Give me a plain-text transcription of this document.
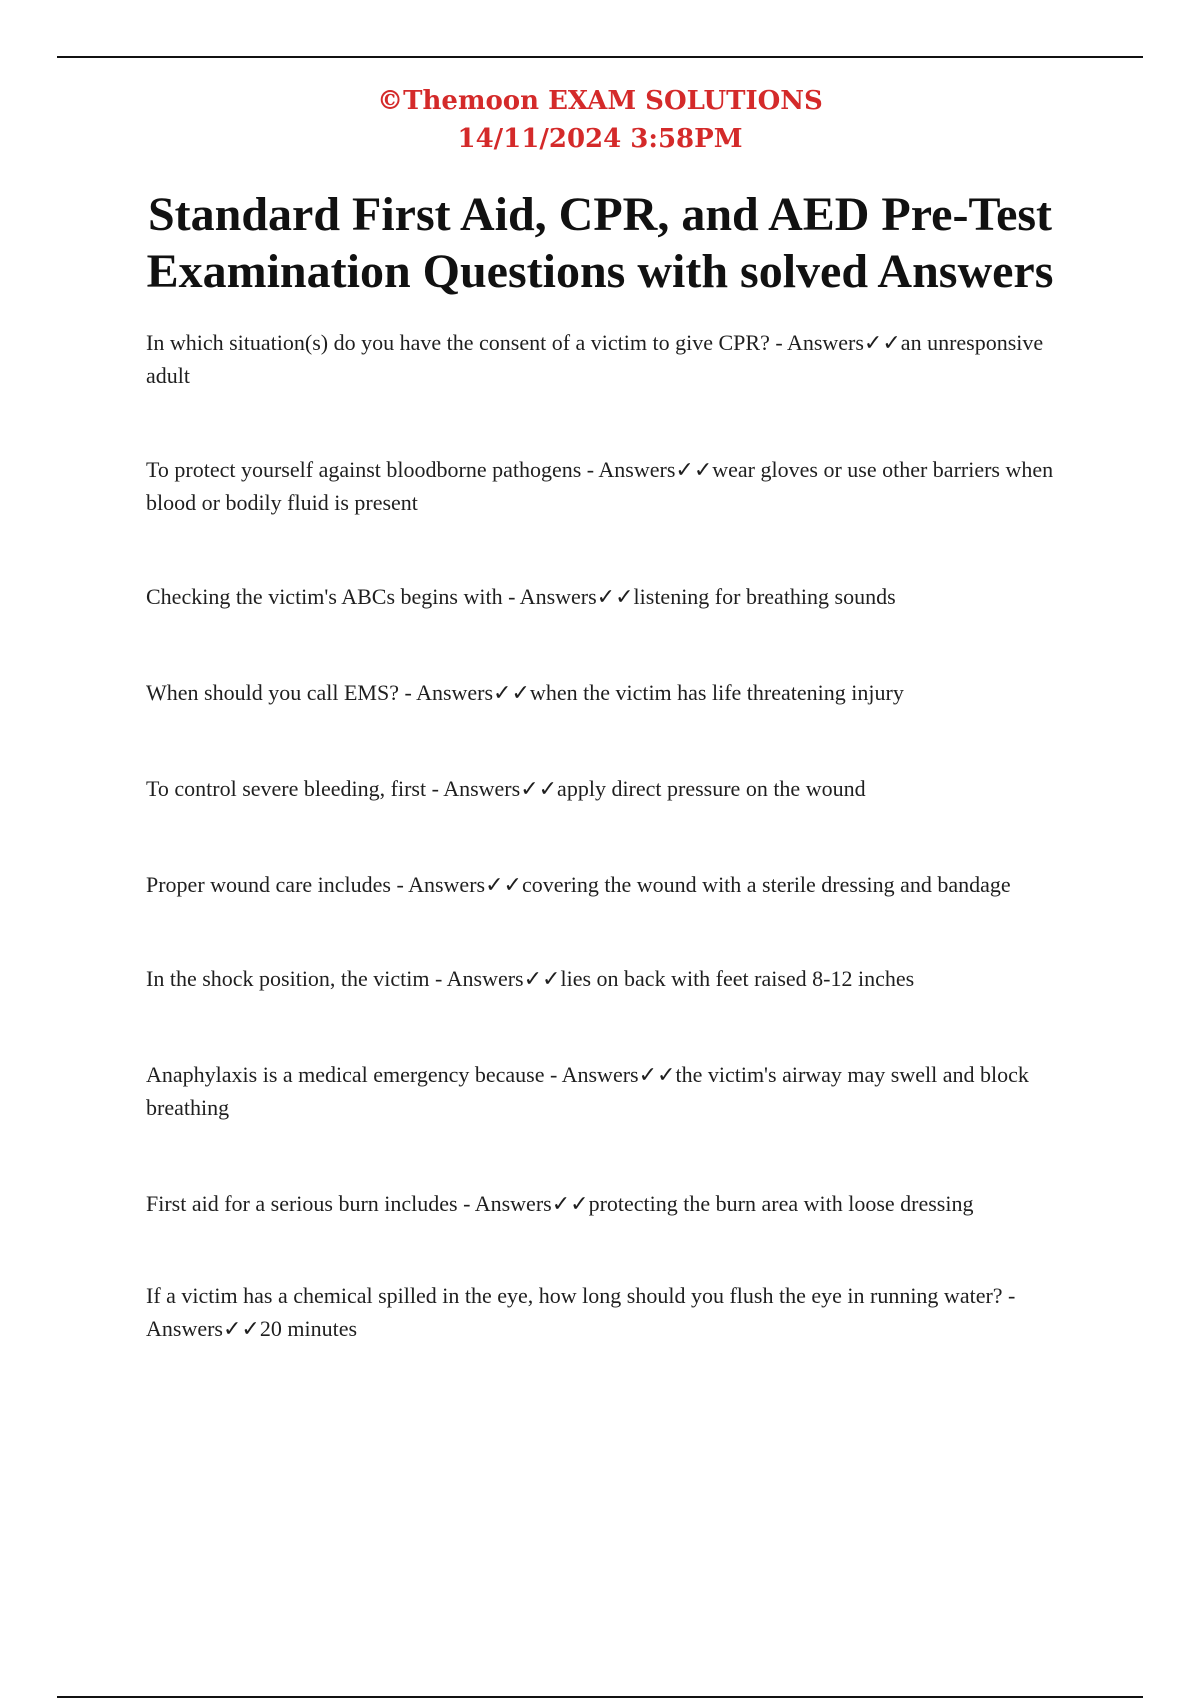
©Themoon EXAM SOLUTIONS
14/11/2024 3:58PM
Standard First Aid, CPR, and AED Pre-Test Examination Questions with solved Answers
In which situation(s) do you have the consent of a victim to give CPR? - Answers✓✓an unresponsive adult
To protect yourself against bloodborne pathogens - Answers✓✓wear gloves or use other barriers when blood or bodily fluid is present
Checking the victim's ABCs begins with - Answers✓✓listening for breathing sounds
When should you call EMS? - Answers✓✓when the victim has life threatening injury
To control severe bleeding, first - Answers✓✓apply direct pressure on the wound
Proper wound care includes - Answers✓✓covering the wound with a sterile dressing and bandage
In the shock position, the victim - Answers✓✓lies on back with feet raised 8-12 inches
Anaphylaxis is a medical emergency because - Answers✓✓the victim's airway may swell and block breathing
First aid for a serious burn includes - Answers✓✓protecting the burn area with loose dressing
If a victim has a chemical spilled in the eye, how long should you flush the eye in running water? - Answers✓✓20 minutes
